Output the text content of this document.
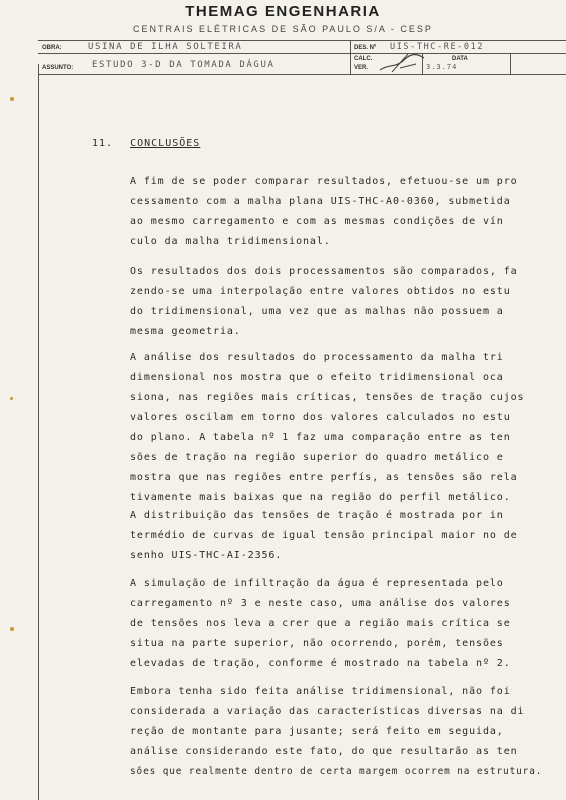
THEMAG ENGENHARIA
CENTRAIS ELÉTRICAS DE SÃO PAULO S/A - CESP
OBRA:	USINA DE ILHA SOLTEIRA
ASSUNTO: ESTUDO 3-D DA TOMADA DÁGUA
DES. Nº UIS-THC-RE-012
CALC.
VER.
DATA
3.3.74
11. CONCLUSÕES
A fim de se poder comparar resultados, efetuou-se um pro
cessamento com a malha plana UIS-THC-A0-0360, submetida
ao mesmo carregamento e com as mesmas condições de vín
culo da malha tridimensional.
Os resultados dos dois processamentos são comparados, fa
zendo-se uma interpolação entre valores obtidos no estu
do tridimensional, uma vez que as malhas não possuem a
mesma geometria.
A análise dos resultados do processamento da malha tri
dimensional nos mostra que o efeito tridimensional oca
siona, nas regiões mais críticas, tensões de tração cujos
valores oscilam em torno dos valores calculados no estu
do plano. A tabela nº 1 faz uma comparação entre as ten
sões de tração na região superior do quadro metálico e
mostra que nas regiões entre perfís, as tensões são rela
tivamente mais baixas que na região do perfil metálico.
A distribuição das tensões de tração é mostrada por in
termédio de curvas de igual tensão principal maior no de
senho UIS-THC-AI-2356.
A simulação de infiltração da água é representada pelo
carregamento nº 3 e neste caso, uma análise dos valores
de tensões nos leva a crer que a região mais crítica se
situa na parte superior, não ocorrendo, porém, tensões
elevadas de tração, conforme é mostrado na tabela nº 2.
Embora tenha sido feita análise tridimensional, não foi
considerada a variação das características diversas na di
reção de montante para jusante; será feito em seguida,
análise considerando este fato, do que resultarão as ten
sões que realmente dentro de certa margem ocorrem na estrutura.
